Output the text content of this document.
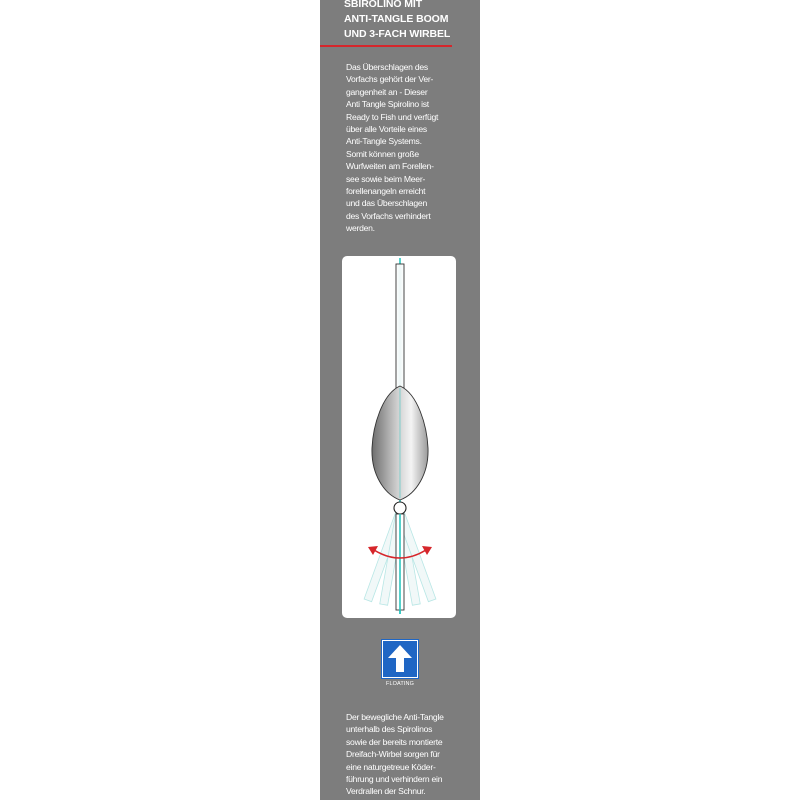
SBIROLINO MIT
ANTI-TANGLE BOOM
UND 3-FACH WIRBEL
Das Überschlagen des
Vorfachs gehört der Ver-
gangenheit an - Dieser
Anti Tangle Spirolino ist
Ready to Fish und verfügt
über alle Vorteile eines
Anti-Tangle Systems.
Somit können große
Wurfweiten am Forellen-
see sowie beim Meer-
forellenangeln erreicht
und das Überschlagen
des Vorfachs verhindert
werden.
FLOATING
Der bewegliche Anti-Tangle
unterhalb des Spirolinos
sowie der bereits montierte
Dreifach-Wirbel sorgen für
eine naturgetreue Köder-
führung und verhindern ein
Verdrallen der Schnur.
